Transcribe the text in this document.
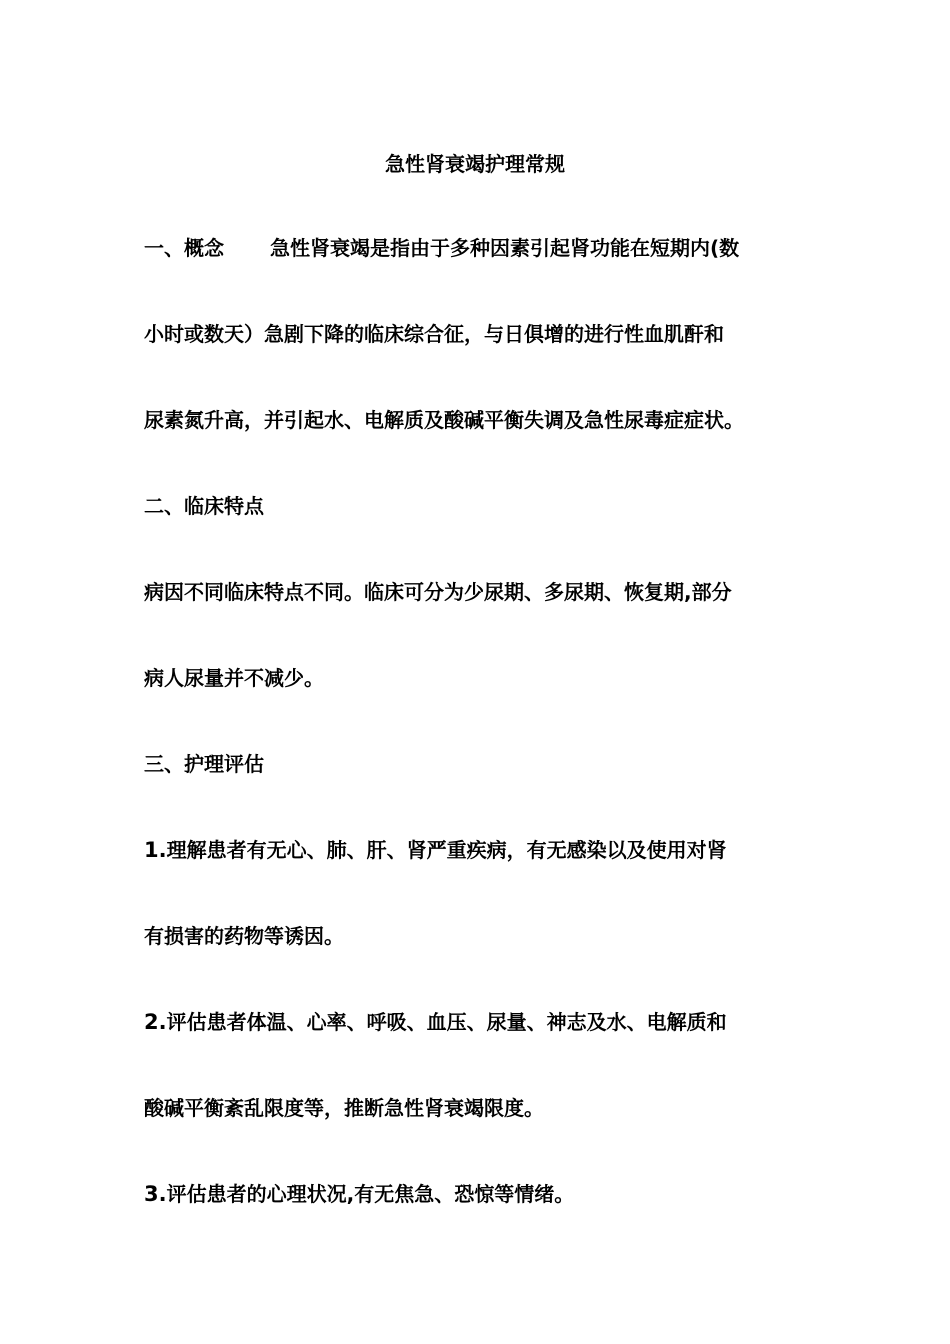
急性肾衰竭护理常规
一、概念 急性肾衰竭是指由于多种因素引起肾功能在短期内(数
小时或数天）急剧下降的临床综合征，与日俱增的进行性血肌酐和
尿素氮升高，并引起水、电解质及酸碱平衡失调及急性尿毒症症状。
二、临床特点
病因不同临床特点不同。临床可分为少尿期、多尿期、恢复期,部分
病人尿量并不减少。
三、护理评估
1.理解患者有无心、肺、肝、肾严重疾病，有无感染以及使用对肾
有损害的药物等诱因。
2.评估患者体温、心率、呼吸、血压、尿量、神志及水、电解质和
酸碱平衡紊乱限度等，推断急性肾衰竭限度。
3.评估患者的心理状况,有无焦急、恐惊等情绪。
